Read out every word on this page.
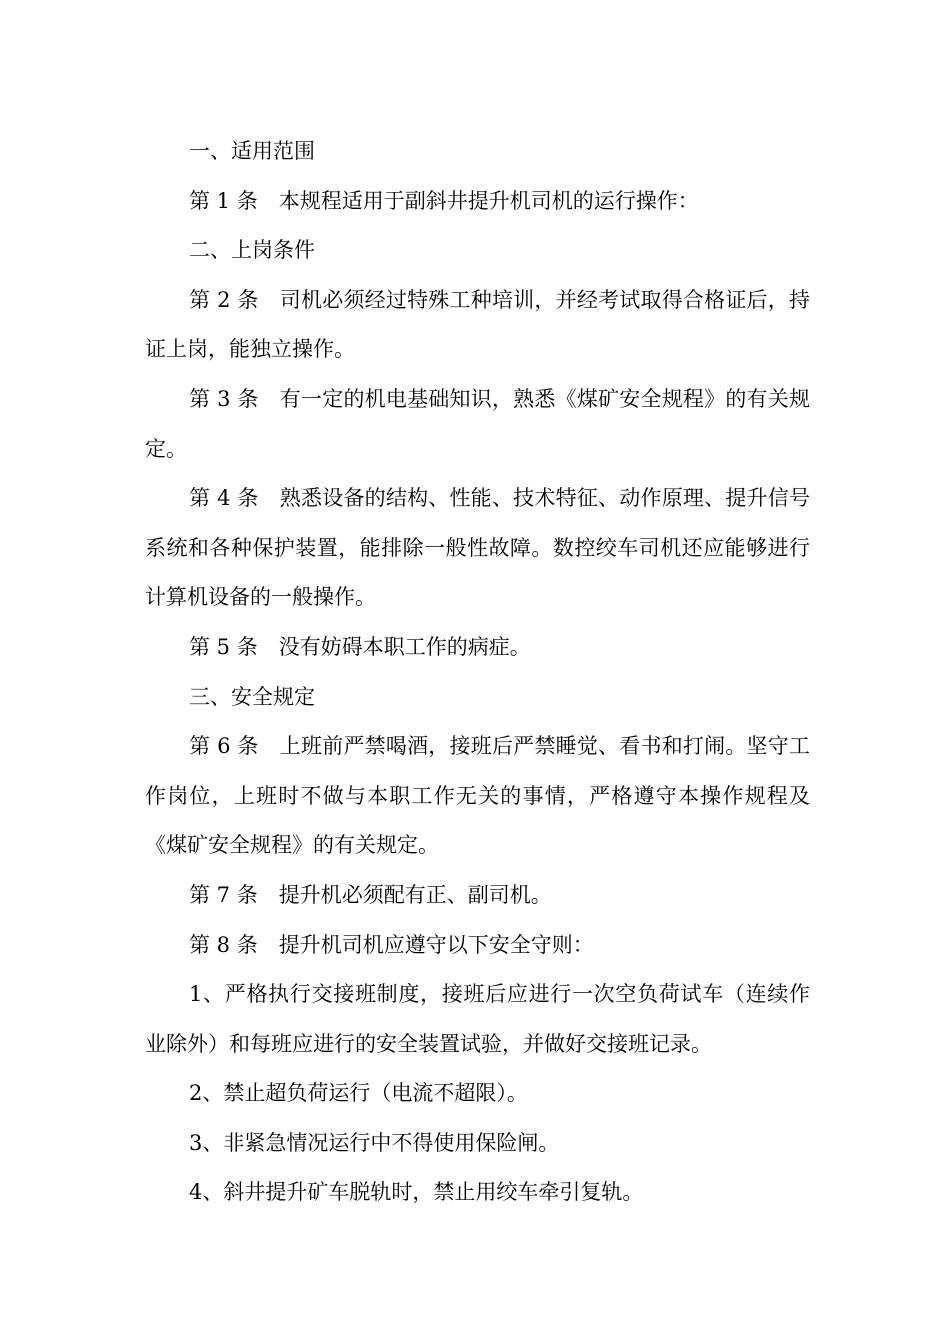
一、适用范围

第 1 条　本规程适用于副斜井提升机司机的运行操作：

二、上岗条件

第 2 条　司机必须经过特殊工种培训，并经考试取得合格证后，持证上岗，能独立操作。

第 3 条　有一定的机电基础知识，熟悉《煤矿安全规程》的有关规定。

第 4 条　熟悉设备的结构、性能、技术特征、动作原理、提升信号系统和各种保护装置，能排除一般性故障。数控绞车司机还应能够进行计算机设备的一般操作。

第 5 条　没有妨碍本职工作的病症。

三、安全规定

第 6 条　上班前严禁喝酒，接班后严禁睡觉、看书和打闹。坚守工作岗位，上班时不做与本职工作无关的事情，严格遵守本操作规程及《煤矿安全规程》的有关规定。

第 7 条　提升机必须配有正、副司机。

第 8 条　提升机司机应遵守以下安全守则：

1、严格执行交接班制度，接班后应进行一次空负荷试车（连续作业除外）和每班应进行的安全装置试验，并做好交接班记录。

2、禁止超负荷运行（电流不超限）。

3、非紧急情况运行中不得使用保险闸。

4、斜井提升矿车脱轨时，禁止用绞车牵引复轨。
